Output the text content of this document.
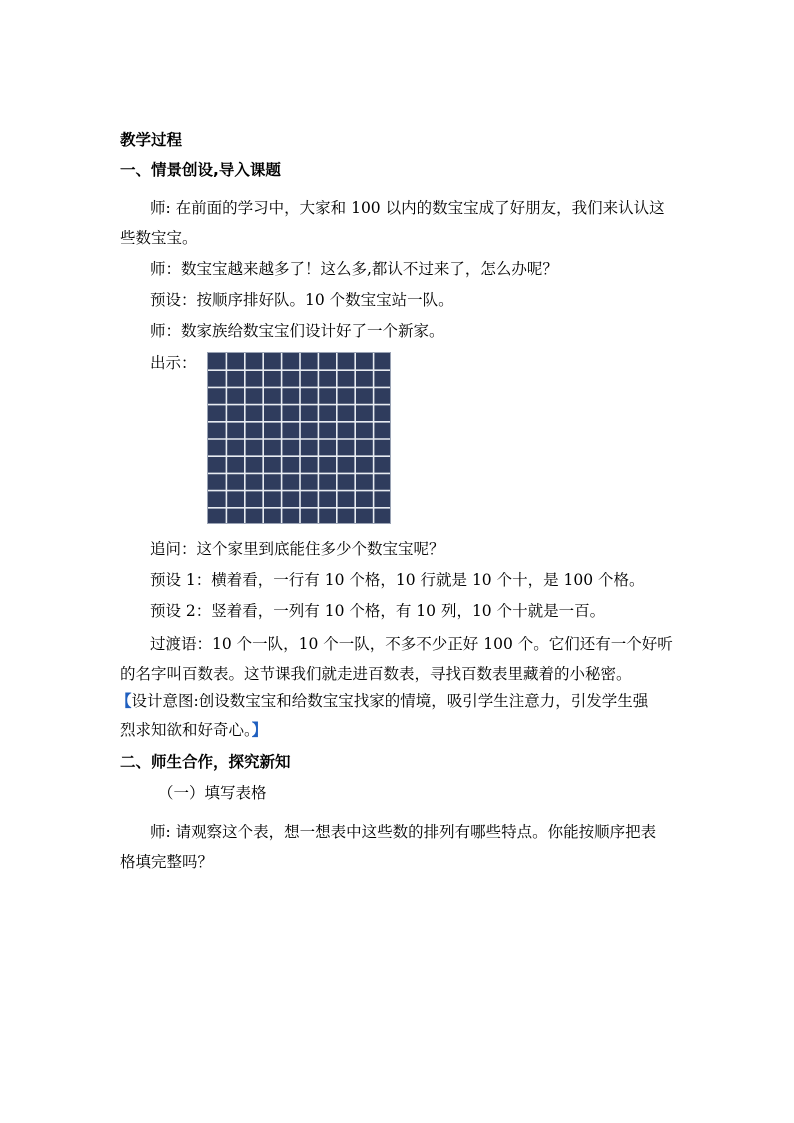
教学过程
一、情景创设,导入课题
师: 在前面的学习中，大家和 100 以内的数宝宝成了好朋友，我们来认认这
些数宝宝。
师：数宝宝越来越多了！这么多,都认不过来了，怎么办呢？
预设：按顺序排好队。10 个数宝宝站一队。
师：数家族给数宝宝们设计好了一个新家。
出示：
追问：这个家里到底能住多少个数宝宝呢？
预设 1：横着看，一行有 10 个格，10 行就是 10 个十，是 100 个格。
预设 2：竖着看，一列有 10 个格，有 10 列，10 个十就是一百。
过渡语：10 个一队，10 个一队，不多不少正好 100 个。它们还有一个好听
的名字叫百数表。这节课我们就走进百数表，寻找百数表里藏着的小秘密。
【设计意图:创设数宝宝和给数宝宝找家的情境，吸引学生注意力，引发学生强
烈求知欲和好奇心。】
二、师生合作，探究新知
（一）填写表格
师: 请观察这个表，想一想表中这些数的排列有哪些特点。你能按顺序把表
格填完整吗？
